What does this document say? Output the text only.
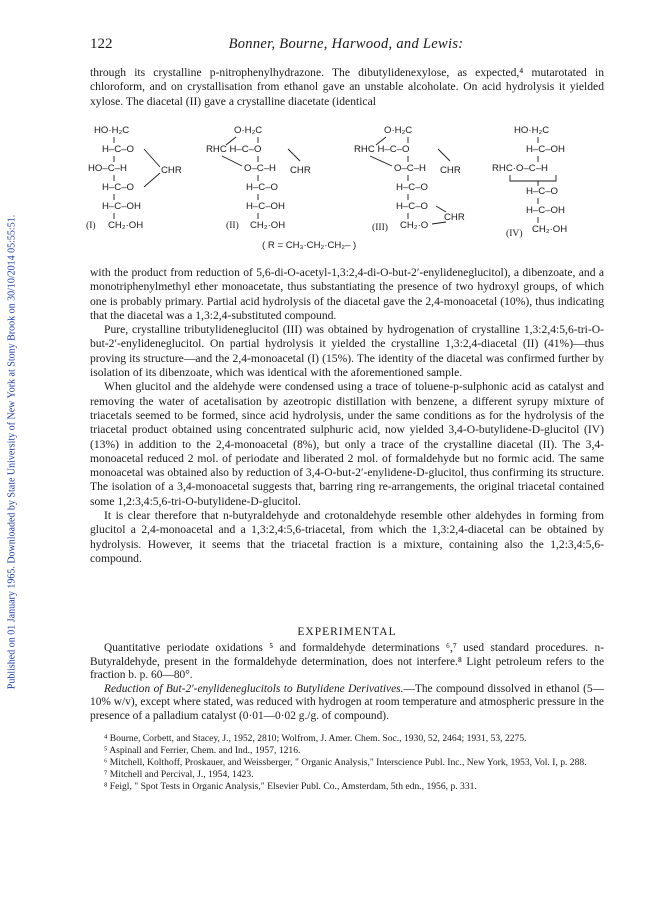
Published on 01 January 1965. Downloaded by State University of New York at Stony Brook on 30/10/2014 05:55:51.
122	Bonner, Bourne, Harwood, and Lewis:

through its crystalline p-nitrophenylhydrazone. The dibutylidenexylose, as expected,⁴ mutarotated in chloroform, and on crystallisation from ethanol gave an unstable alcoholate. On acid hydrolysis it yielded xylose. The diacetal (II) gave a crystalline diacetate (identical

HO·H₂C
H–C–O
HO–C–H
H–C–O
H–C–OH
CH₂·OH
(I)
CHR
O·H₂C
RHC H–C–O
O–C–H
H–C–O
H–C–OH
CH₂·OH
(II)
CHR
O·H₂C
RHC H–C–O
O–C–H
H–C–O
H–C–O
CH₂·O
(III)
CHR
CHR
HO·H₂C
H–C–OH
RHC·O–C–H
H–C–O
H–C–OH
CH₂·OH
(IV)
( R = CH₃·CH₂·CH₂– )

with the product from reduction of 5,6-di-O-acetyl-1,3:2,4-di-O-but-2′-enylideneglucitol), a dibenzoate, and a monotriphenylmethyl ether monoacetate, thus substantiating the presence of two hydroxyl groups, of which one is probably primary. Partial acid hydrolysis of the diacetal gave the 2,4-monoacetal (10%), thus indicating that the diacetal was a 1,3:2,4-substituted compound.

Pure, crystalline tributylideneglucitol (III) was obtained by hydrogenation of crystalline 1,3:2,4:5,6-tri-O-but-2′-enylideneglucitol. On partial hydrolysis it yielded the crystalline 1,3:2,4-diacetal (II) (41%)—thus proving its structure—and the 2,4-monoacetal (I) (15%). The identity of the diacetal was confirmed further by isolation of its dibenzoate, which was identical with the aforementioned sample.

When glucitol and the aldehyde were condensed using a trace of toluene-p-sulphonic acid as catalyst and removing the water of acetalisation by azeotropic distillation with benzene, a different syrupy mixture of triacetals seemed to be formed, since acid hydrolysis, under the same conditions as for the hydrolysis of the triacetal product obtained using concentrated sulphuric acid, now yielded 3,4-O-butylidene-D-glucitol (IV) (13%) in addition to the 2,4-monoacetal (8%), but only a trace of the crystalline diacetal (II). The 3,4-monoacetal reduced 2 mol. of periodate and liberated 2 mol. of formaldehyde but no formic acid. The same monoacetal was obtained also by reduction of 3,4-O-but-2′-enylidene-D-glucitol, thus confirming its structure. The isolation of a 3,4-monoacetal suggests that, barring ring re-arrangements, the original triacetal contained some 1,2:3,4:5,6-tri-O-butylidene-D-glucitol.

It is clear therefore that n-butyraldehyde and crotonaldehyde resemble other aldehydes in forming from glucitol a 2,4-monoacetal and a 1,3:2,4:5,6-triacetal, from which the 1,3:2,4-diacetal can be obtained by hydrolysis. However, it seems that the triacetal fraction is a mixture, containing also the 1,2:3,4:5,6-compound.

EXPERIMENTAL

Quantitative periodate oxidations ⁵ and formaldehyde determinations ⁶,⁷ used standard procedures. n-Butyraldehyde, present in the formaldehyde determination, does not interfere.⁸ Light petroleum refers to the fraction b. p. 60—80°.

Reduction of But-2′-enylideneglucitols to Butylidene Derivatives.—The compound dissolved in ethanol (5—10% w/v), except where stated, was reduced with hydrogen at room temperature and atmospheric pressure in the presence of a palladium catalyst (0·01—0·02 g./g. of compound).

⁴ Bourne, Corbett, and Stacey, J., 1952, 2810; Wolfrom, J. Amer. Chem. Soc., 1930, 52, 2464; 1931, 53, 2275.

⁵ Aspinall and Ferrier, Chem. and Ind., 1957, 1216.

⁶ Mitchell, Kolthoff, Proskauer, and Weissberger, " Organic Analysis," Interscience Publ. Inc., New York, 1953, Vol. I, p. 288.

⁷ Mitchell and Percival, J., 1954, 1423.

⁸ Feigl, " Spot Tests in Organic Analysis," Elsevier Publ. Co., Amsterdam, 5th edn., 1956, p. 331.
